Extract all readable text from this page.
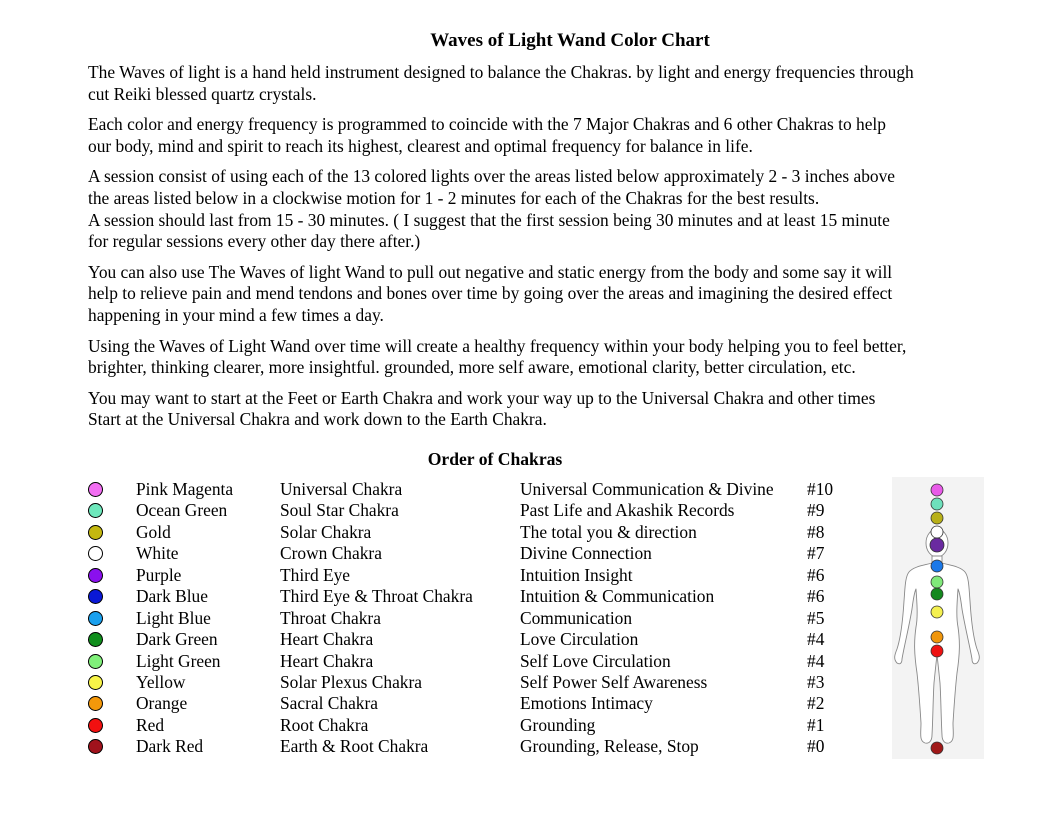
Waves of Light Wand Color Chart

The Waves of light is a hand held instrument designed to balance the Chakras. by light and energy frequencies through
cut Reiki blessed quartz crystals.

Each color and energy frequency is programmed to coincide with the 7 Major Chakras and 6 other Chakras to help
our body, mind and spirit to reach its highest, clearest and optimal frequency for balance in life.

A session consist of using each of the 13 colored lights over the areas listed below approximately 2 - 3 inches above
the areas listed below in a clockwise motion for 1 - 2 minutes for each of the Chakras for the best results.
A session should last from 15 - 30 minutes. ( I suggest that the first session being 30 minutes and at least 15 minute
for regular sessions every other day there after.)

You can also use The Waves of light Wand to pull out negative and static energy from the body and some say it will
help to relieve pain and mend tendons and bones over time by going over the areas and imagining the desired effect
happening in your mind a few times a day.

Using the Waves of Light Wand over time will create a healthy frequency within your body helping you to feel better,
brighter, thinking clearer, more insightful. grounded, more self aware, emotional clarity, better circulation, etc.

You may want to start at the Feet or Earth Chakra and work your way up to the Universal Chakra and other times
Start at the Universal Chakra and work down to the Earth Chakra.

Order of Chakras
Pink Magenta	Universal Chakra	Universal Communication & Divine #10
Ocean Green	Soul Star Chakra	Past Life and Akashik Records	#9
Gold	Solar Chakra	The total you & direction	#8
White	Crown Chakra	Divine Connection	#7
Purple	Third Eye	Intuition Insight	#6
Dark Blue	Third Eye & Throat Chakra	Intuition & Communication	#6
Light Blue	Throat Chakra	Communication	#5
Dark Green	Heart Chakra	Love Circulation	#4
Light Green	Heart Chakra	Self Love Circulation	#4
Yellow	Solar Plexus Chakra	Self Power Self Awareness	#3
Orange	Sacral Chakra	Emotions Intimacy	#2
Red	Root Chakra	Grounding	#1
Dark Red	Earth & Root Chakra	Grounding, Release, Stop	#0
